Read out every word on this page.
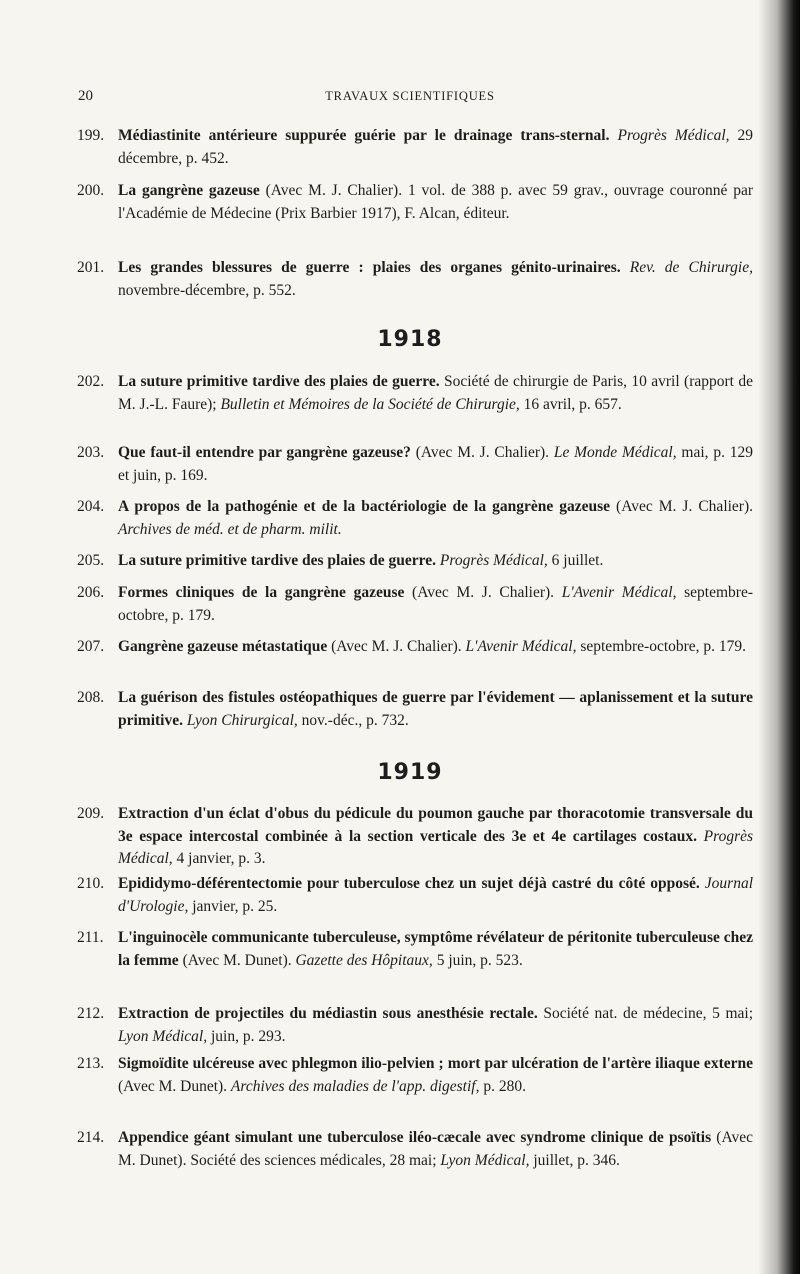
20	TRAVAUX SCIENTIFIQUES
199. Médiastinite antérieure suppurée guérie par le drainage trans-sternal. Progrès Médical, 29 décembre, p. 452.
200. La gangrène gazeuse (Avec M. J. Chalier). 1 vol. de 388 p. avec 59 grav., ouvrage couronné par l'Académie de Médecine (Prix Barbier 1917), F. Alcan, éditeur.
201. Les grandes blessures de guerre : plaies des organes génito-urinaires. Rev. de Chirurgie, novembre-décembre, p. 552.
1918
202. La suture primitive tardive des plaies de guerre. Société de chirurgie de Paris, 10 avril (rapport de M. J.-L. Faure); Bulletin et Mémoires de la Société de Chirurgie, 16 avril, p. 657.
203. Que faut-il entendre par gangrène gazeuse? (Avec M. J. Chalier). Le Monde Médical, mai, p. 129 et juin, p. 169.
204. A propos de la pathogénie et de la bactériologie de la gangrène gazeuse (Avec M. J. Chalier). Archives de méd. et de pharm. milit.
205. La suture primitive tardive des plaies de guerre. Progrès Médical, 6 juillet.
206. Formes cliniques de la gangrène gazeuse (Avec M. J. Chalier). L'Avenir Médical, septembre-octobre, p. 179.
207. Gangrène gazeuse métastatique (Avec M. J. Chalier). L'Avenir Médical, septembre-octobre, p. 179.
208. La guérison des fistules ostéopathiques de guerre par l'évidement — aplanissement et la suture primitive. Lyon Chirurgical, nov.-déc., p. 732.
1919
209. Extraction d'un éclat d'obus du pédicule du poumon gauche par thoracotomie transversale du 3e espace intercostal combinée à la section verticale des 3e et 4e cartilages costaux. Progrès Médical, 4 janvier, p. 3.
210. Epididymo-déférentectomie pour tuberculose chez un sujet déjà castré du côté opposé. Journal d'Urologie, janvier, p. 25.
211. L'inguinocèle communicante tuberculeuse, symptôme révélateur de péritonite tuberculeuse chez la femme (Avec M. Dunet). Gazette des Hôpitaux, 5 juin, p. 523.
212. Extraction de projectiles du médiastin sous anesthésie rectale. Société nat. de médecine, 5 mai; Lyon Médical, juin, p. 293.
213. Sigmoïdite ulcéreuse avec phlegmon ilio-pelvien ; mort par ulcération de l'artère iliaque externe (Avec M. Dunet). Archives des maladies de l'app. digestif, p. 280.
214. Appendice géant simulant une tuberculose iléo-cæcale avec syndrome clinique de psoïtis (Avec M. Dunet). Société des sciences médicales, 28 mai; Lyon Médical, juillet, p. 346.
